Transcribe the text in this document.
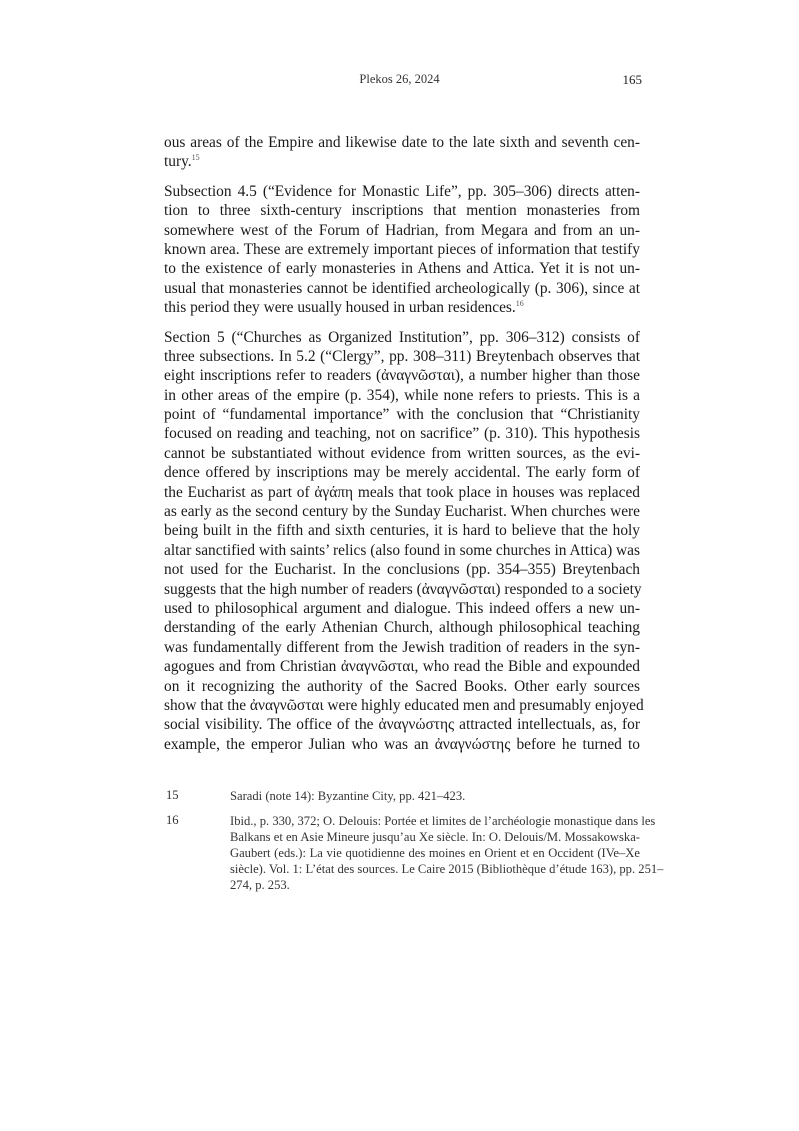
Plekos 26, 2024	165
ous areas of the Empire and likewise date to the late sixth and seventh cen-
tury.$^{15}$
Subsection 4.5 (“Evidence for Monastic Life”, pp. 305–306) directs atten-
tion to three sixth-century inscriptions that mention monasteries from
somewhere west of the Forum of Hadrian, from Megara and from an un-
known area. These are extremely important pieces of information that testify
to the existence of early monasteries in Athens and Attica. Yet it is not un-
usual that monasteries cannot be identified archeologically (p. 306), since at
this period they were usually housed in urban residences.$^{16}$
Section 5 (“Churches as Organized Institution”, pp. 306–312) consists of
three subsections. In 5.2 (“Clergy”, pp. 308–311) Breytenbach observes that
eight inscriptions refer to readers (ἀναγνῶσται), a number higher than those
in other areas of the empire (p. 354), while none refers to priests. This is a
point of “fundamental importance” with the conclusion that “Christianity
focused on reading and teaching, not on sacrifice” (p. 310). This hypothesis
cannot be substantiated without evidence from written sources, as the evi-
dence offered by inscriptions may be merely accidental. The early form of
the Eucharist as part of ἀγάπη meals that took place in houses was replaced
as early as the second century by the Sunday Eucharist. When churches were
being built in the fifth and sixth centuries, it is hard to believe that the holy
altar sanctified with saints’ relics (also found in some churches in Attica) was
not used for the Eucharist. In the conclusions (pp. 354–355) Breytenbach
suggests that the high number of readers (ἀναγνῶσται) responded to a society
used to philosophical argument and dialogue. This indeed offers a new un-
derstanding of the early Athenian Church, although philosophical teaching
was fundamentally different from the Jewish tradition of readers in the syn-
agogues and from Christian ἀναγνῶσται, who read the Bible and expounded
on it recognizing the authority of the Sacred Books. Other early sources
show that the ἀναγνῶσται were highly educated men and presumably enjoyed
social visibility. The office of the ἀναγνώστης attracted intellectuals, as, for
example, the emperor Julian who was an ἀναγνώστης before he turned to
15	Saradi (note 14): Byzantine City, pp. 421–423.
16	Ibid., p. 330, 372; O. Delouis: Portée et limites de l’archéologie monastique dans les
Balkans et en Asie Mineure jusqu’au Xe siècle. In: O. Delouis/M. Mossakowska-
Gaubert (eds.): La vie quotidienne des moines en Orient et en Occident (IVe–Xe
siècle). Vol. 1: L’état des sources. Le Caire 2015 (Bibliothèque d’étude 163), pp. 251–
274, p. 253.
